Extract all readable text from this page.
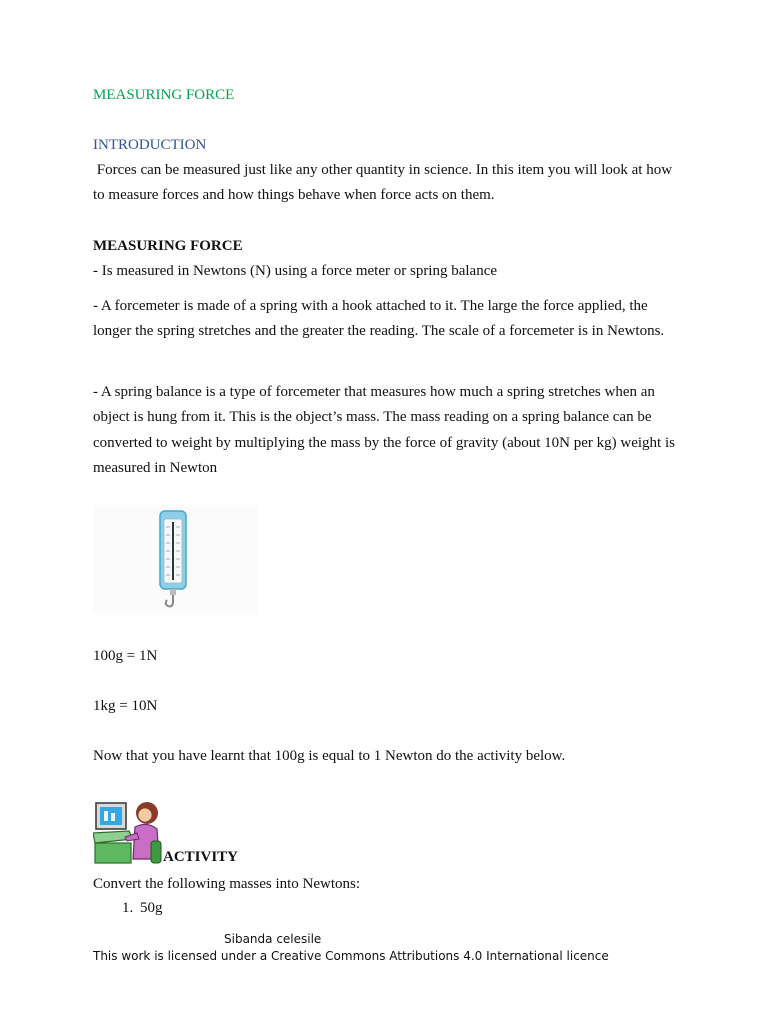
MEASURING FORCE
INTRODUCTION

Forces can be measured just like any other quantity in science. In this item you will look at how to measure forces and how things behave when force acts on them.

MEASURING FORCE

- Is measured in Newtons (N) using a force meter or spring balance

- A forcemeter is made of a spring with a hook attached to it. The large the force applied, the longer the spring stretches and the greater the reading. The scale of a forcemeter is in Newtons.

- A spring balance is a type of forcemeter that measures how much a spring stretches when an object is hung from it. This is the object’s mass. The mass reading on a spring balance can be converted to weight by multiplying the mass by the force of gravity (about 10N per kg) weight is measured in Newton

100g = 1N
1kg = 10N
Now that you have learnt that 100g is equal to 1 Newton do the activity below.
Convert the following masses into Newtons:
ACTIVITY
1. 50g
Sibanda celesile
This work is licensed under a Creative Commons Attributions 4.0 International licence
